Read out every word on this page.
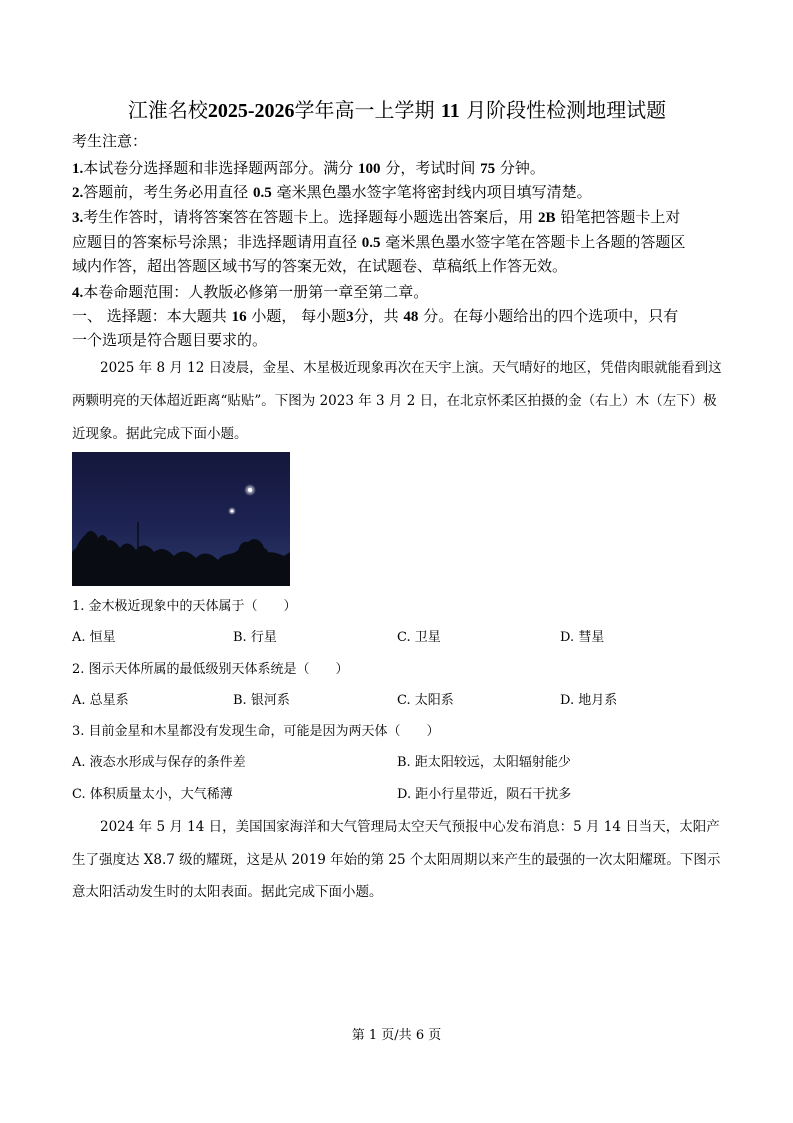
江淮名校2025-2026学年高一上学期 11 月阶段性检测地理试题
考生注意：
1.本试卷分选择题和非选择题两部分。满分 100 分，考试时间 75 分钟。
2.答题前，考生务必用直径 0.5 毫米黑色墨水签字笔将密封线内项目填写清楚。
3.考生作答时，请将答案答在答题卡上。选择题每小题选出答案后，用 2B 铅笔把答题卡上对
应题目的答案标号涂黑；非选择题请用直径 0.5 毫米黑色墨水签字笔在答题卡上各题的答题区
域内作答，超出答题区域书写的答案无效，在试题卷、草稿纸上作答无效。
4.本卷命题范围：人教版必修第一册第一章至第二章。
一、 选择题：本大题共 16 小题， 每小题3分，共 48 分。在每小题给出的四个选项中，只有
一个选项是符合题目要求的。
2025 年 8 月 12 日凌晨，金星、木星极近现象再次在天宇上演。天气晴好的地区，凭借肉眼就能看到这
两颗明亮的天体超近距离“贴贴”。下图为 2023 年 3 月 2 日，在北京怀柔区拍摄的金（右上）木（左下）极
近现象。据此完成下面小题。
1. 金木极近现象中的天体属于（　　）
A. 恒星	B. 行星	C. 卫星	D. 彗星
2. 图示天体所属的最低级别天体系统是（　　）
A. 总星系	B. 银河系	C. 太阳系	D. 地月系
3. 目前金星和木星都没有发现生命，可能是因为两天体（　　）
A. 液态水形成与保存的条件差	B. 距太阳较远，太阳辐射能少
C. 体积质量太小，大气稀薄	D. 距小行星带近，陨石干扰多
2024 年 5 月 14 日，美国国家海洋和大气管理局太空天气预报中心发布消息：5 月 14 日当天，太阳产
生了强度达 X8.7 级的耀斑，这是从 2019 年始的第 25 个太阳周期以来产生的最强的一次太阳耀斑。下图示
意太阳活动发生时的太阳表面。据此完成下面小题。
第 1 页/共 6 页
